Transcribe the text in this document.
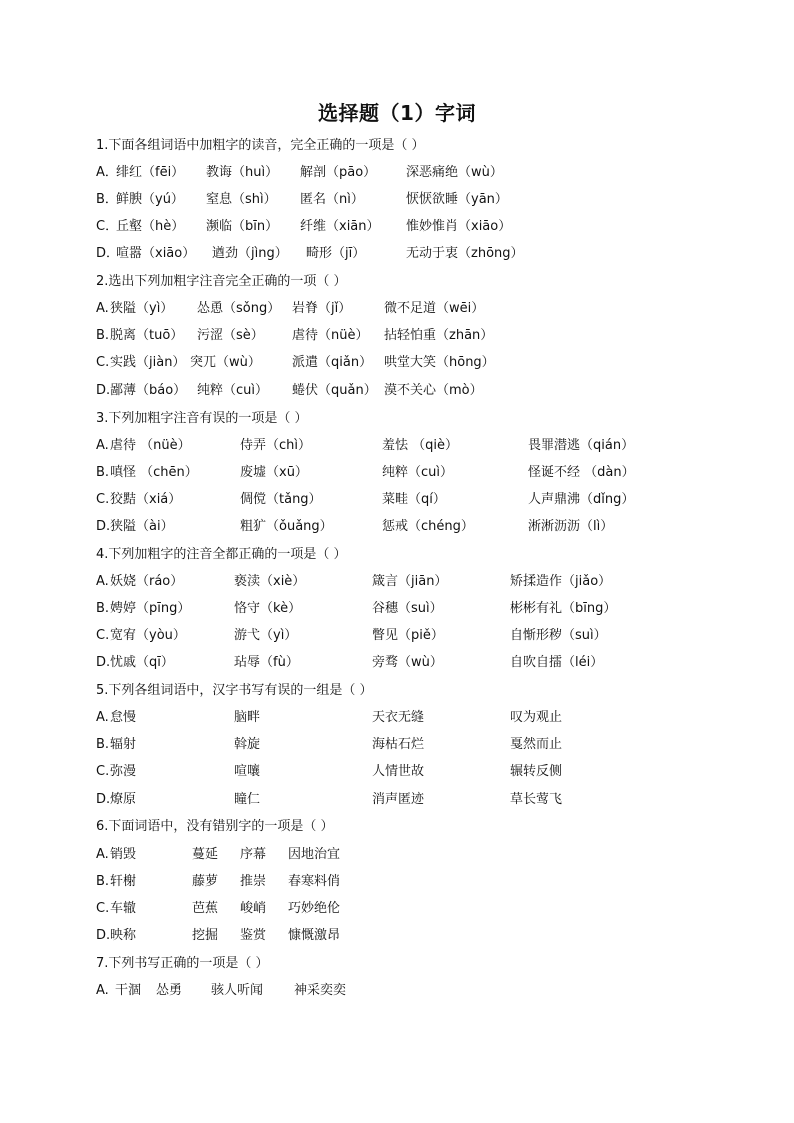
选择题（1）字词
1.下面各组词语中加粗字的读音，完全正确的一项是（ ）
A．
绯红（fēi） 教诲（huì） 解剖（pāo） 深恶痛绝（wù）
B．
鲜腴（yú） 窒息（shì） 匿名（nì）	恹恹欲睡（yān）
C．
丘壑（hè） 濒临（bīn） 纤维（xiān） 惟妙惟肖（xiāo）
D．
喧嚣（xiāo） 遒劲（jìng） 畸形（jī）	无动于衷（zhōng）
2.选出下列加粗字注音完全正确的一项（ ）
A. 狭隘（yì） 怂恿（sǒng） 岩脊（jǐ）	微不足道（wēi）
B. 脱离（tuō） 污涩（sè） 虐待（nüè） 拈轻怕重（zhān）
C. 实践（jiàn） 突兀（wù） 派遣（qiǎn） 哄堂大笑（hōng）
D. 鄙薄（báo） 纯粹（cuì） 蜷伏（quǎn） 漠不关心（mò）
3.下列加粗字注音有误的一项是（ ）
A. 虐待 （nüè）	侍弄（chì）	羞怯 （qiè）	畏罪潜逃（qián）
B. 嗔怪 （chēn）	废墟（xū）	纯粹（cuì）	怪诞不经 （dàn）
C. 狡黠（xiá）	倜傥（tǎng）	菜畦（qí）	人声鼎沸（dǐng）
D. 狭隘（ài）	粗犷（ǒuǎng）	惩戒（chéng）	淅淅沥沥（lì）
4.下列加粗字的注音全都正确的一项是（ ）
A. 妖娆（ráo）	亵渎（xiè）	箴言（jiān）	矫揉造作（jiǎo）
B. 娉婷（pīng）	恪守（kè）	谷穗（suì）	彬彬有礼（bīng）
C. 宽宥（yòu）	游弋（yì）	瞥见（piě）	自惭形秽（suì）
D. 忧戚（qī）	玷辱（fù）	旁骛（wù）	自吹自擂（léi）
5.下列各组词语中，汉字书写有误的一组是（ ）
A. 怠慢	脑畔	天衣无缝	叹为观止
B. 辐射	斡旋	海枯石烂	戛然而止
C. 弥漫	喧嚷	人情世故	辗转反侧
D. 燎原	瞳仁	消声匿迹	草长莺飞
6.下面词语中，没有错别字的一项是（ ）
A. 销毁	蔓延 序幕 因地治宜
B. 轩榭	藤萝 推崇 春寒料俏
C. 车辙	芭蕉 峻峭 巧妙绝伦
D. 映称	挖掘 鉴赏 慷慨激昂
7.下列书写正确的一项是（ ）
A. 干涸 怂勇 骇人听闻 神采奕奕
